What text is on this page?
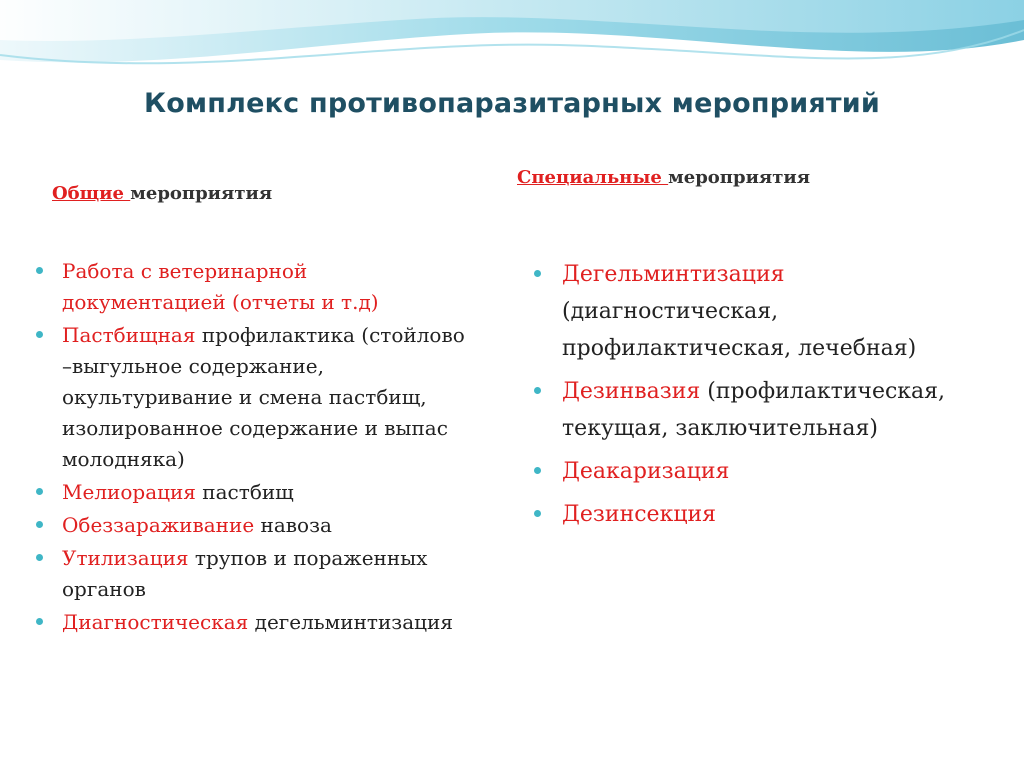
Комплекс противопаразитарных мероприятий
Общие мероприятия
Специальные мероприятия
Работа с ветеринарной документацией (отчеты и т.д)
Пастбищная профилактика (стойлово –выгульное содержание, окультуривание и смена пастбищ, изолированное содержание и выпас молодняка)
Мелиорация пастбищ
Обеззараживание навоза
Утилизация трупов и пораженных органов
Диагностическая дегельминтизация
Дегельминтизация (диагностическая, профилактическая, лечебная)
Дезинвазия (профилактическая, текущая, заключительная)
Деакаризация
Дезинсекция
